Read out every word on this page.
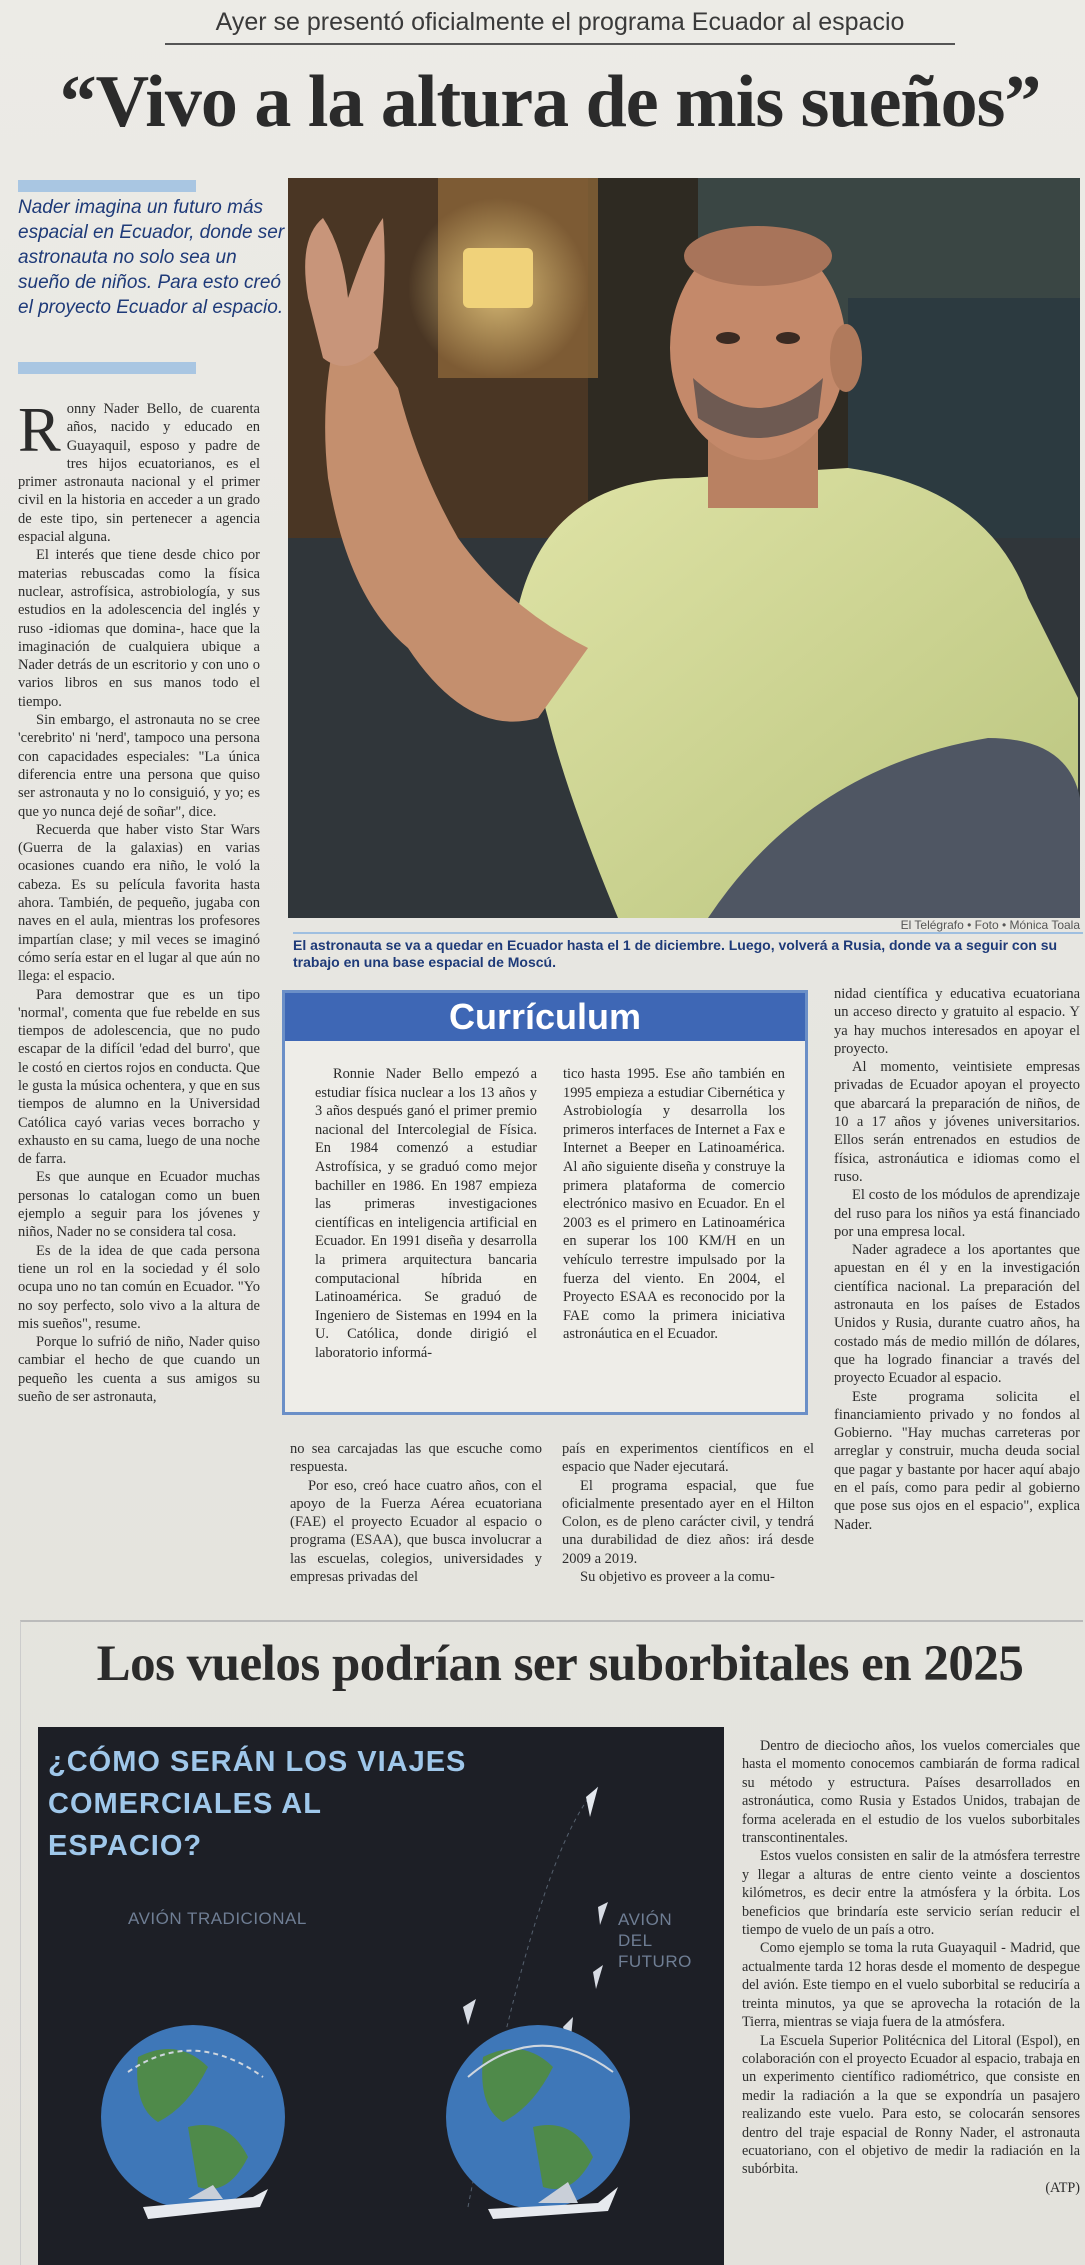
Ayer se presentó oficialmente el programa Ecuador al espacio
“Vivo a la altura de mis sueños”
Nader imagina un futuro más espacial en Ecuador, donde ser astronauta no solo sea un sueño de niños. Para esto creó el proyecto Ecuador al espacio.
El Telégrafo • Foto • Mónica Toala
El astronauta se va a quedar en Ecuador hasta el 1 de diciembre. Luego, volverá a Rusia, donde va a seguir con su trabajo en una base espacial de Moscú.

Ronny Nader Bello, de cuarenta años, nacido y educado en Guayaquil, esposo y padre de tres hijos ecuatorianos, es el primer astronauta nacional y el primer civil en la historia en acceder a un grado de este tipo, sin pertenecer a agencia espacial alguna.

El interés que tiene desde chico por materias rebuscadas como la física nuclear, astrofísica, astrobiología, y sus estudios en la adolescencia del inglés y ruso -idiomas que domina-, hace que la imaginación de cualquiera ubique a Nader detrás de un escritorio y con uno o varios libros en sus manos todo el tiempo.

Sin embargo, el astronauta no se cree 'cerebrito' ni 'nerd', tampoco una persona con capacidades especiales: "La única diferencia entre una persona que quiso ser astronauta y no lo consiguió, y yo; es que yo nunca dejé de soñar", dice.

Recuerda que haber visto Star Wars (Guerra de la galaxias) en varias ocasiones cuando era niño, le voló la cabeza. Es su película favorita hasta ahora. También, de pequeño, jugaba con naves en el aula, mientras los profesores impartían clase; y mil veces se imaginó cómo sería estar en el lugar al que aún no llega: el espacio.

Para demostrar que es un tipo 'normal', comenta que fue rebelde en sus tiempos de adolescencia, que no pudo escapar de la difícil 'edad del burro', que le costó en ciertos rojos en conducta. Que le gusta la música ochentera, y que en sus tiempos de alumno en la Universidad Católica cayó varias veces borracho y exhausto en su cama, luego de una noche de farra.

Es que aunque en Ecuador muchas personas lo catalogan como un buen ejemplo a seguir para los jóvenes y niños, Nader no se considera tal cosa.

Es de la idea de que cada persona tiene un rol en la sociedad y él solo ocupa uno no tan común en Ecuador. "Yo no soy perfecto, solo vivo a la altura de mis sueños", resume.

Porque lo sufrió de niño, Nader quiso cambiar el hecho de que cuando un pequeño les cuenta a sus amigos su sueño de ser astronauta,

Currículum

Ronnie Nader Bello empezó a estudiar física nuclear a los 13 años y 3 años después ganó el primer premio nacional del Intercolegial de Física. En 1984 comenzó a estudiar Astrofísica, y se graduó como mejor bachiller en 1986. En 1987 empieza las primeras investigaciones científicas en inteligencia artificial en Ecuador. En 1991 diseña y desarrolla la primera arquitectura bancaria computacional híbrida en Latinoamérica. Se graduó de Ingeniero de Sistemas en 1994 en la U. Católica, donde dirigió el laboratorio informá-

tico hasta 1995. Ese año también en 1995 empieza a estudiar Cibernética y Astrobiología y desarrolla los primeros interfaces de Internet a Fax e Internet a Beeper en Latinoamérica. Al año siguiente diseña y construye la primera plataforma de comercio electrónico masivo en Ecuador. En el 2003 es el primero en Latinoamérica en superar los 100 KM/H en un vehículo terrestre impulsado por la fuerza del viento. En 2004, el Proyecto ESAA es reconocido por la FAE como la primera iniciativa astronáutica en el Ecuador.

no sea carcajadas las que escuche como respuesta.

Por eso, creó hace cuatro años, con el apoyo de la Fuerza Aérea ecuatoriana (FAE) el proyecto Ecuador al espacio o programa (ESAA), que busca involucrar a las escuelas, colegios, universidades y empresas privadas del

país en experimentos científicos en el espacio que Nader ejecutará.

El programa espacial, que fue oficialmente presentado ayer en el Hilton Colon, es de pleno carácter civil, y tendrá una durabilidad de diez años: irá desde 2009 a 2019.

Su objetivo es proveer a la comu-

nidad científica y educativa ecuatoriana un acceso directo y gratuito al espacio. Y ya hay muchos interesados en apoyar el proyecto.

Al momento, veintisiete empresas privadas de Ecuador apoyan el proyecto que abarcará la preparación de niños, de 10 a 17 años y jóvenes universitarios. Ellos serán entrenados en estudios de física, astronáutica e idiomas como el ruso.

El costo de los módulos de aprendizaje del ruso para los niños ya está financiado por una empresa local.

Nader agradece a los aportantes que apuestan en él y en la investigación científica nacional. La preparación del astronauta en los países de Estados Unidos y Rusia, durante cuatro años, ha costado más de medio millón de dólares, que ha logrado financiar a través del proyecto Ecuador al espacio.

Este programa solicita el financiamiento privado y no fondos al Gobierno. "Hay muchas carreteras por arreglar y construir, mucha deuda social que pagar y bastante por hacer aquí abajo en el país, como para pedir al gobierno que pose sus ojos en el espacio", explica Nader.

Los vuelos podrían ser suborbitales en 2025
¿CÓMO SERÁN LOS VIAJES COMERCIALES AL ESPACIO?
AVIÓN TRADICIONAL	AVIÓN DEL FUTURO

Dentro de dieciocho años, los vuelos comerciales que hasta el momento conocemos cambiarán de forma radical su método y estructura. Países desarrollados en astronáutica, como Rusia y Estados Unidos, trabajan de forma acelerada en el estudio de los vuelos suborbitales transcontinentales.

Estos vuelos consisten en salir de la atmósfera terrestre y llegar a alturas de entre ciento veinte a doscientos kilómetros, es decir entre la atmósfera y la órbita. Los beneficios que brindaría este servicio serían reducir el tiempo de vuelo de un país a otro.

Como ejemplo se toma la ruta Guayaquil - Madrid, que actualmente tarda 12 horas desde el momento de despegue del avión. Este tiempo en el vuelo suborbital se reduciría a treinta minutos, ya que se aprovecha la rotación de la Tierra, mientras se viaja fuera de la atmósfera.

La Escuela Superior Politécnica del Litoral (Espol), en colaboración con el proyecto Ecuador al espacio, trabaja en un experimento científico radiométrico, que consiste en medir la radiación a la que se expondría un pasajero realizando este vuelo. Para esto, se colocarán sensores dentro del traje espacial de Ronny Nader, el astronauta ecuatoriano, con el objetivo de medir la radiación en la subórbita.

(ATP)
